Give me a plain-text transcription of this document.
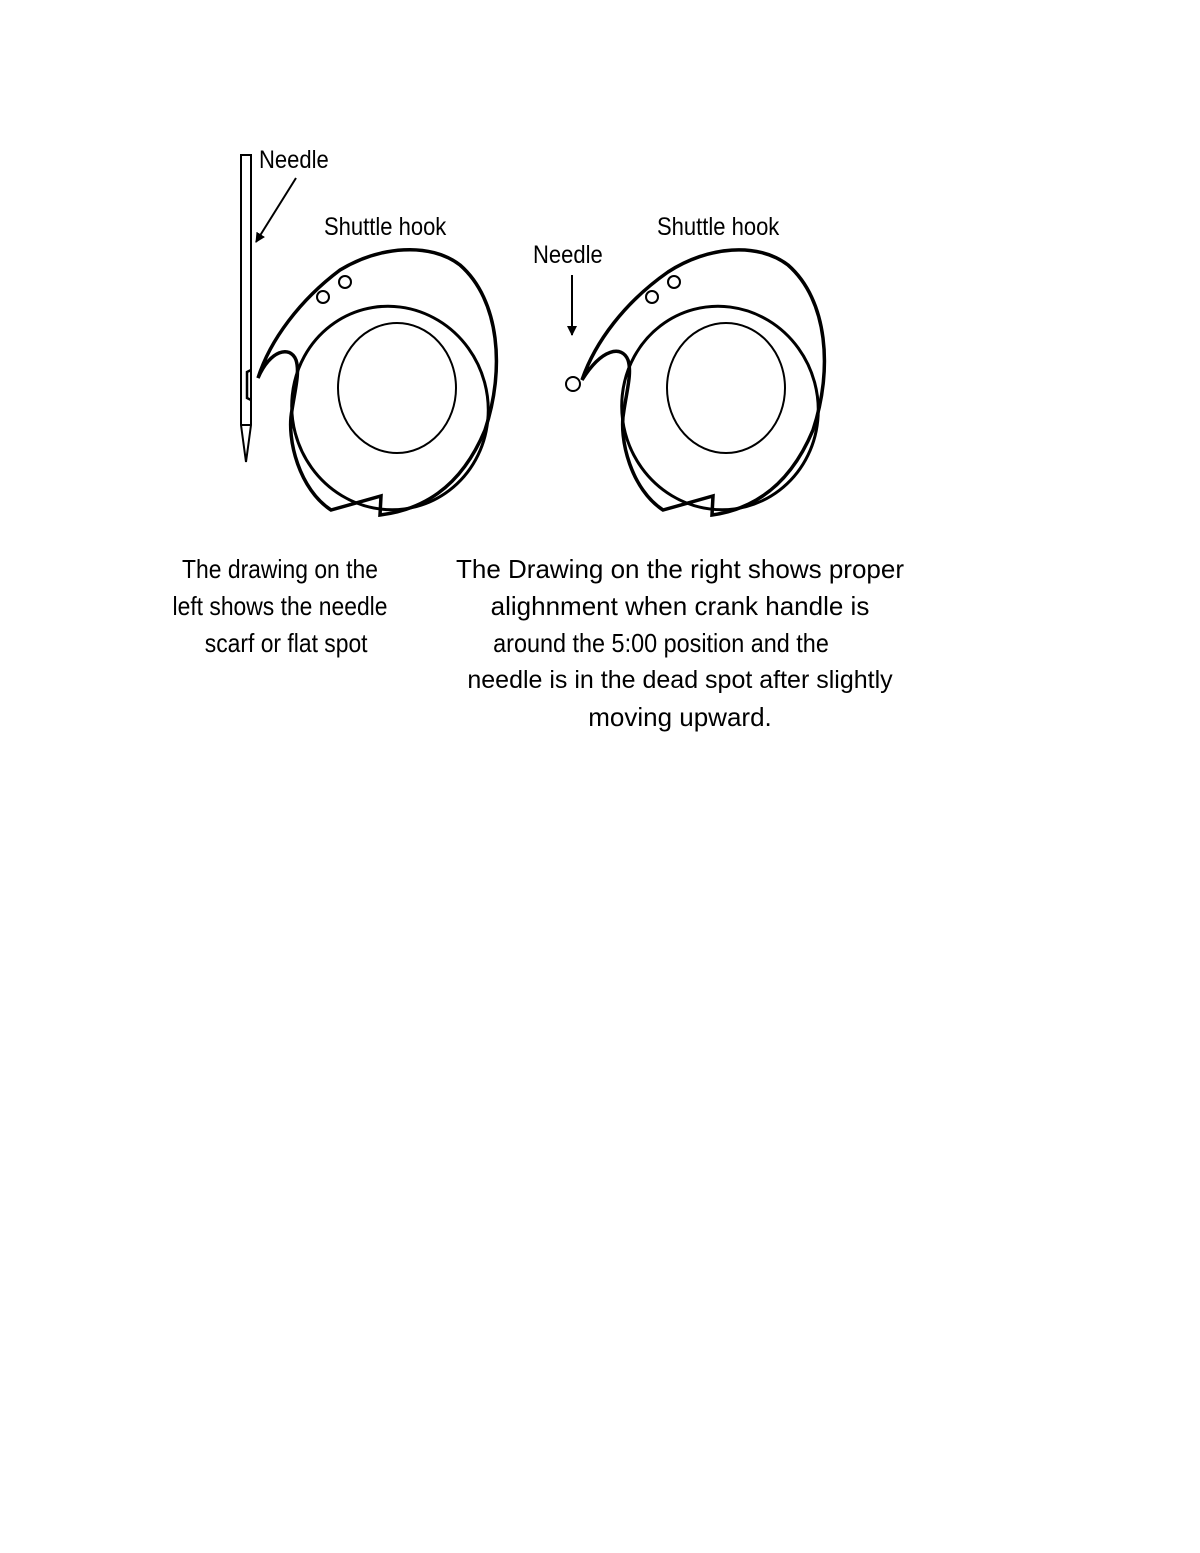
Needle
Shuttle hook
Needle
Shuttle hook
The drawing on the
left shows the needle
scarf or flat spot
The Drawing on the right shows proper
alighnment when crank handle is
around the 5:00 position and the
needle is in the dead spot after slightly
moving upward.
